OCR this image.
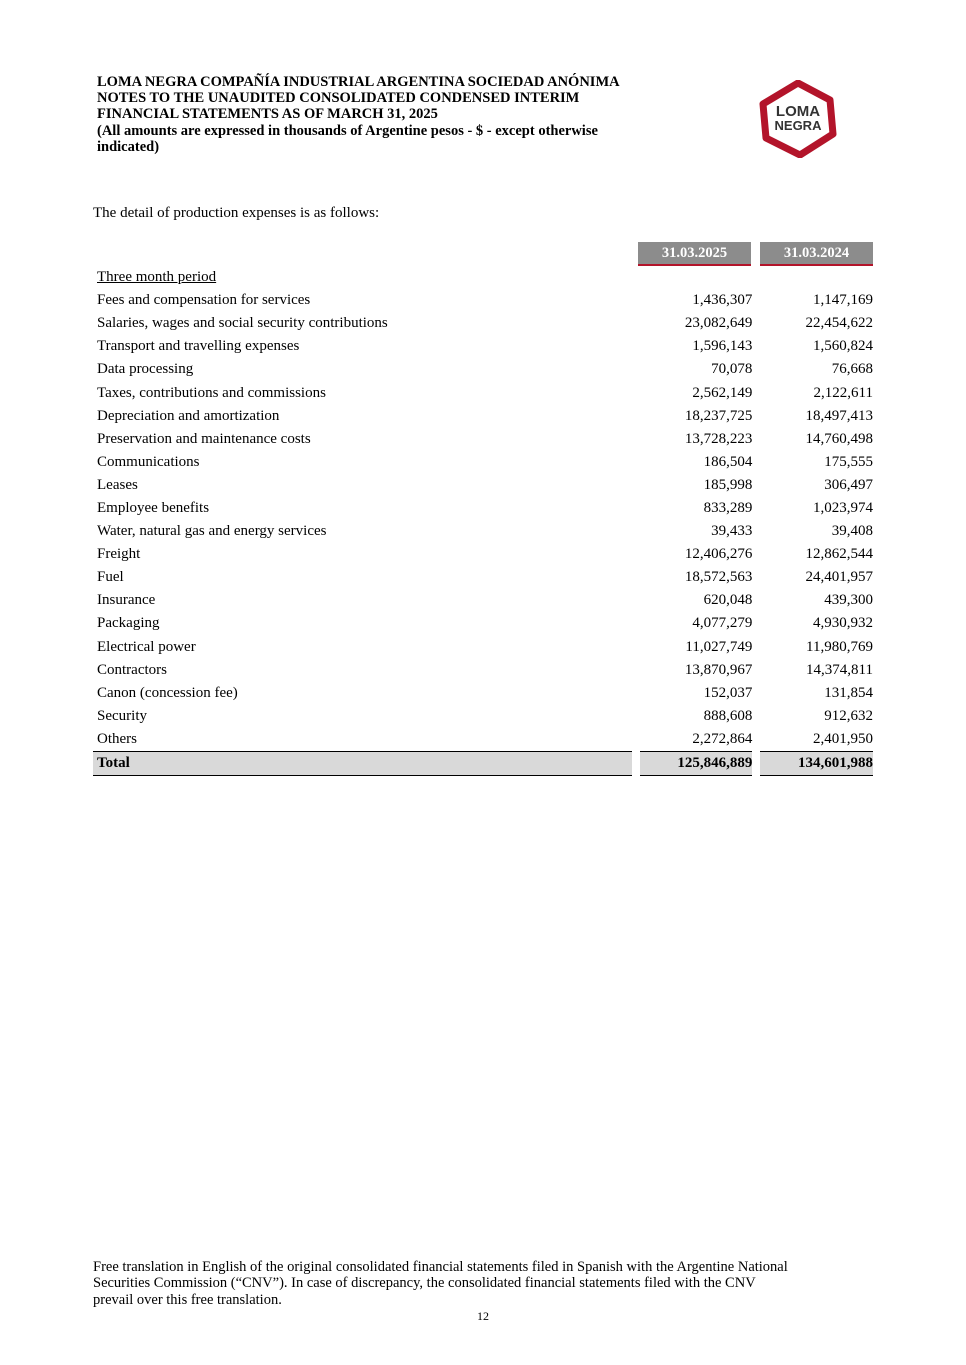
LOMA NEGRA COMPAÑÍA INDUSTRIAL ARGENTINA SOCIEDAD ANÓNIMA
NOTES TO THE UNAUDITED CONSOLIDATED CONDENSED INTERIM
FINANCIAL STATEMENTS AS OF MARCH 31, 2025
(All amounts are expressed in thousands of Argentine pesos - $ - except otherwise
indicated)
LOMA
NEGRA
The detail of production expenses is as follows:
31.03.2025	31.03.2024
Three month period				
Fees and compensation for services		1,436,307		1,147,169
Salaries, wages and social security contributions		23,082,649		22,454,622
Transport and travelling expenses		1,596,143		1,560,824
Data processing		70,078		76,668
Taxes, contributions and commissions		2,562,149		2,122,611
Depreciation and amortization		18,237,725		18,497,413
Preservation and maintenance costs		13,728,223		14,760,498
Communications		186,504		175,555
Leases		185,998		306,497
Employee benefits		833,289		1,023,974
Water, natural gas and energy services		39,433		39,408
Freight		12,406,276		12,862,544
Fuel		18,572,563		24,401,957
Insurance		620,048		439,300
Packaging		4,077,279		4,930,932
Electrical power		11,027,749		11,980,769
Contractors		13,870,967		14,374,811
Canon (concession fee)		152,037		131,854
Security		888,608		912,632
Others		2,272,864		2,401,950
Total		125,846,889		134,601,988
Free translation in English of the original consolidated financial statements filed in Spanish with the Argentine National
Securities Commission (“CNV”). In case of discrepancy, the consolidated financial statements filed with the CNV
prevail over this free translation.
12
